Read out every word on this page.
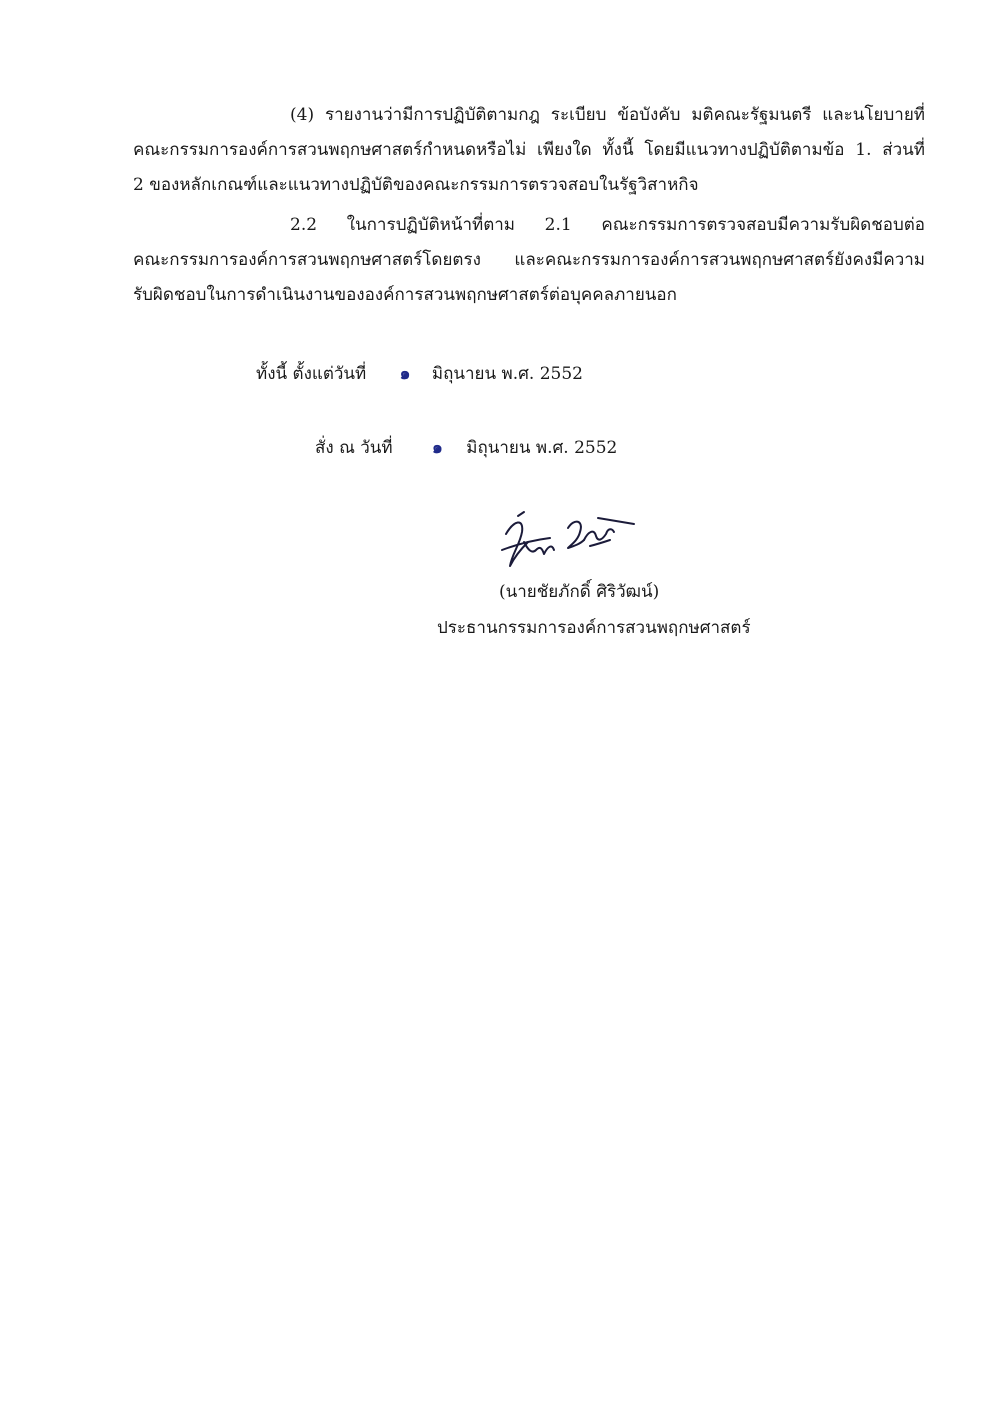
(4) รายงานว่ามีการปฏิบัติตามกฎ ระเบียบ ข้อบังคับ มติคณะรัฐมนตรี และนโยบายที่
คณะกรรมการองค์การสวนพฤกษศาสตร์กำหนดหรือไม่ เพียงใด ทั้งนี้ โดยมีแนวทางปฏิบัติตามข้อ 1. ส่วนที่
2 ของหลักเกณฑ์และแนวทางปฏิบัติของคณะกรรมการตรวจสอบในรัฐวิสาหกิจ
2.2 ในการปฏิบัติหน้าที่ตาม 2.1 คณะกรรมการตรวจสอบมีความรับผิดชอบต่อ
คณะกรรมการองค์การสวนพฤกษศาสตร์โดยตรง และคณะกรรมการองค์การสวนพฤกษศาสตร์ยังคงมีความ
รับผิดชอบในการดำเนินงานขององค์การสวนพฤกษศาสตร์ต่อบุคคลภายนอก
ทั้งนี้ ตั้งแต่วันที่ ๑ มิถุนายน พ.ศ. 2552
สั่ง ณ วันที่ ๑ มิถุนายน พ.ศ. 2552
(นายชัยภักดิ์ ศิริวัฒน์)
ประธานกรรมการองค์การสวนพฤกษศาสตร์
